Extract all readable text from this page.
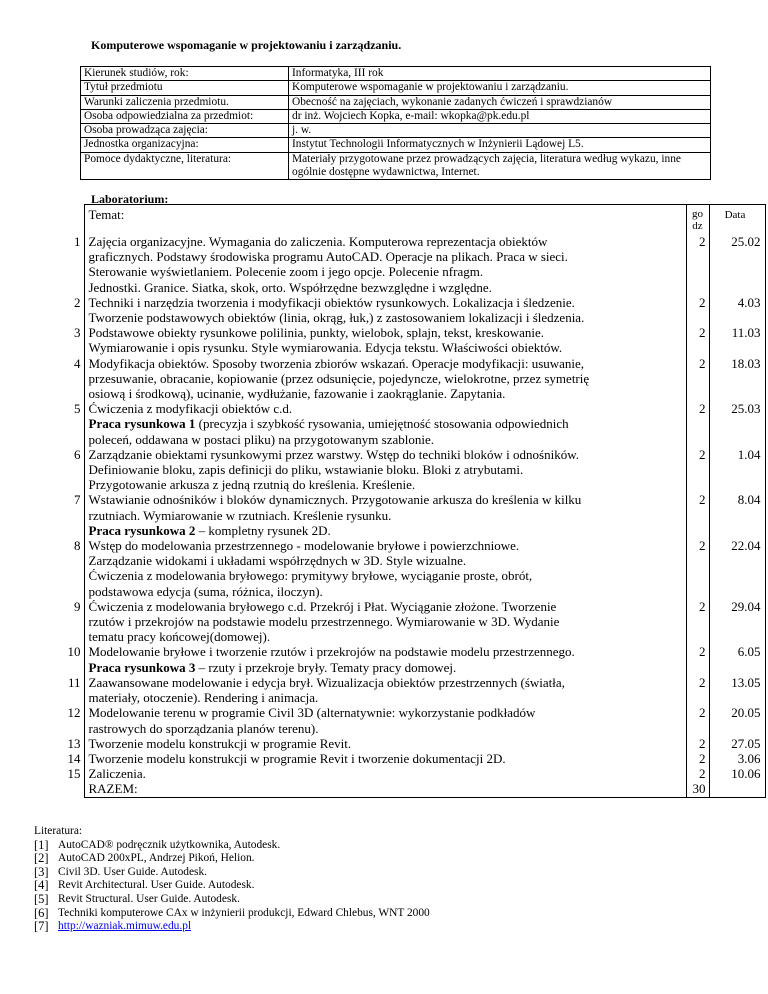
Komputerowe wspomaganie w projektowaniu i zarządzaniu.
Kierunek studiów, rok:	Informatyka, III rok
Tytuł przedmiotu	Komputerowe wspomaganie w projektowaniu i zarządzaniu.
Warunki zaliczenia przedmiotu.	Obecność na zajęciach, wykonanie zadanych ćwiczeń i sprawdzianów
Osoba odpowiedzialna za przedmiot:	dr inż. Wojciech Kopka, e-mail: wkopka@pk.edu.pl
Osoba prowadząca zajęcia:	j. w.
Jednostka organizacyjna:	Instytut Technologii Informatycznych w Inżynierii Lądowej L5.
Pomoce dydaktyczne, literatura:	Materiały przygotowane przez prowadzących zajęcia, literatura według wykazu, inne ogólnie dostępne wydawnictwa, Internet.
Laboratorium:
	Temat:	go dz	Data
1	Zajęcia organizacyjne. Wymagania do zaliczenia. Komputerowa reprezentacja obiektów
graficznych. Podstawy środowiska programu AutoCAD. Operacje na plikach. Praca w sieci.
Sterowanie wyświetlaniem. Polecenie zoom i jego opcje. Polecenie nfragm.
Jednostki. Granice. Siatka, skok, orto. Współrzędne bezwzględne i względne.	2	25.02
2	Techniki i narzędzia tworzenia i modyfikacji obiektów rysunkowych. Lokalizacja i śledzenie.
Tworzenie podstawowych obiektów (linia, okrąg, łuk,) z zastosowaniem lokalizacji i śledzenia.	2	4.03
3	Podstawowe obiekty rysunkowe polilinia, punkty, wielobok, splajn, tekst, kreskowanie.
Wymiarowanie i opis rysunku. Style wymiarowania. Edycja tekstu. Właściwości obiektów.	2	11.03
4	Modyfikacja obiektów. Sposoby tworzenia zbiorów wskazań. Operacje modyfikacji: usuwanie,
przesuwanie, obracanie, kopiowanie (przez odsunięcie, pojedyncze, wielokrotne, przez symetrię
osiową i środkową), ucinanie, wydłużanie, fazowanie i zaokrąglanie. Zapytania.	2	18.03
5	Ćwiczenia z modyfikacji obiektów c.d.
Praca rysunkowa 1 (precyzja i szybkość rysowania, umiejętność stosowania odpowiednich
poleceń, oddawana w postaci pliku) na przygotowanym szablonie.	2	25.03
6	Zarządzanie obiektami rysunkowymi przez warstwy. Wstęp do techniki bloków i odnośników.
Definiowanie bloku, zapis definicji do pliku, wstawianie bloku. Bloki z atrybutami.
Przygotowanie arkusza z jedną rzutnią do kreślenia. Kreślenie.	2	1.04
7	Wstawianie odnośników i bloków dynamicznych. Przygotowanie arkusza do kreślenia w kilku
rzutniach. Wymiarowanie w rzutniach. Kreślenie rysunku.
Praca rysunkowa 2 – kompletny rysunek 2D.	2	8.04
8	Wstęp do modelowania przestrzennego - modelowanie bryłowe i powierzchniowe.
Zarządzanie widokami i układami współrzędnych w 3D. Style wizualne.
Ćwiczenia z modelowania bryłowego: prymitywy bryłowe, wyciąganie proste, obrót,
podstawowa edycja (suma, różnica, iloczyn).	2	22.04
9	Ćwiczenia z modelowania bryłowego c.d. Przekrój i Płat. Wyciąganie złożone. Tworzenie
rzutów i przekrojów na podstawie modelu przestrzennego. Wymiarowanie w 3D. Wydanie
tematu pracy końcowej(domowej).	2	29.04
10	Modelowanie bryłowe i tworzenie rzutów i przekrojów na podstawie modelu przestrzennego.
Praca rysunkowa 3 – rzuty i przekroje bryły. Tematy pracy domowej.	2	6.05
11	Zaawansowane modelowanie i edycja brył. Wizualizacja obiektów przestrzennych (światła,
materiały, otoczenie). Rendering i animacja.	2	13.05
12	Modelowanie terenu w programie Civil 3D (alternatywnie: wykorzystanie podkładów
rastrowych do sporządzania planów terenu).	2	20.05
13	Tworzenie modelu konstrukcji w programie Revit.	2	27.05
14	Tworzenie modelu konstrukcji w programie Revit i tworzenie dokumentacji 2D.	2	3.06
15	Zaliczenia.	2	10.06
	RAZEM:	30	
Literatura:
[1] AutoCAD® podręcznik użytkownika, Autodesk.
[2] AutoCAD 200xPL, Andrzej Pikoń, Helion.
[3] Civil 3D. User Guide. Autodesk.
[4] Revit Architectural. User Guide. Autodesk.
[5] Revit Structural. User Guide. Autodesk.
[6] Techniki komputerowe CAx w inżynierii produkcji, Edward Chlebus, WNT 2000
[7] http://wazniak.mimuw.edu.pl
